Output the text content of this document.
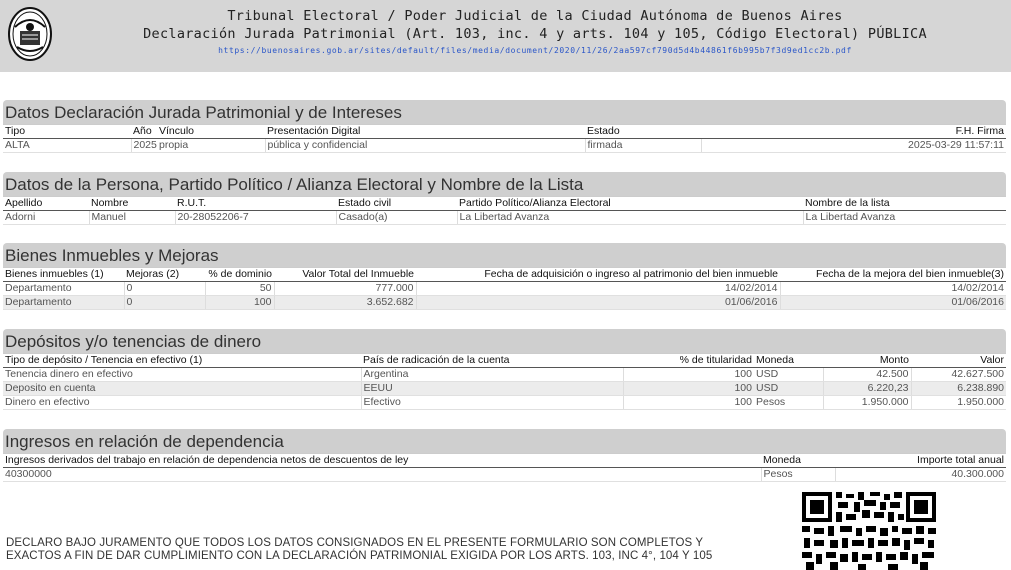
Tribunal Electoral / Poder Judicial de la Ciudad Autónoma de Buenos Aires
Declaración Jurada Patrimonial (Art. 103, inc. 4 y arts. 104 y 105, Código Electoral) PÚBLICA
https://buenosaires.gob.ar/sites/default/files/media/document/2020/11/26/2aa597cf790d5d4b44861f6b995b7f3d9ed1cc2b.pdf
Datos Declaración Jurada Patrimonial y de Intereses
Tipo	Año	Vínculo	Presentación Digital	Estado	F.H. Firma
ALTA	2025	propia	pública y confidencial	firmada	2025-03-29 11:57:11
Datos de la Persona, Partido Político / Alianza Electoral y Nombre de la Lista
Apellido	Nombre	R.U.T.	Estado civil	Partido Político/Alianza Electoral	Nombre de la lista
Adorni	Manuel	20-28052206-7	Casado(a)	La Libertad Avanza	La Libertad Avanza
Bienes Inmuebles y Mejoras
Bienes inmuebles (1)	Mejoras (2)	% de dominio	Valor Total del Inmueble	Fecha de adquisición o ingreso al patrimonio del bien inmueble	Fecha de la mejora del bien inmueble(3)
Departamento	0	50	777.000	14/02/2014	14/02/2014
Departamento	0	100	3.652.682	01/06/2016	01/06/2016
Depósitos y/o tenencias de dinero
Tipo de depósito / Tenencia en efectivo (1)	País de radicación de la cuenta	% de titularidad	Moneda	Monto	Valor
Tenencia dinero en efectivo	Argentina	100	USD	42.500	42.627.500
Deposito en cuenta	EEUU	100	USD	6.220,23	6.238.890
Dinero en efectivo	Efectivo	100	Pesos	1.950.000	1.950.000
Ingresos en relación de dependencia
Ingresos derivados del trabajo en relación de dependencia netos de descuentos de ley	Moneda	Importe total anual
40300000	Pesos	40.300.000
DECLARO BAJO JURAMENTO QUE TODOS LOS DATOS CONSIGNADOS EN EL PRESENTE FORMULARIO SON COMPLETOS Y
EXACTOS A FIN DE DAR CUMPLIMIENTO CON LA DECLARACIÓN PATRIMONIAL EXIGIDA POR LOS ARTS. 103, INC 4°, 104 Y 105
